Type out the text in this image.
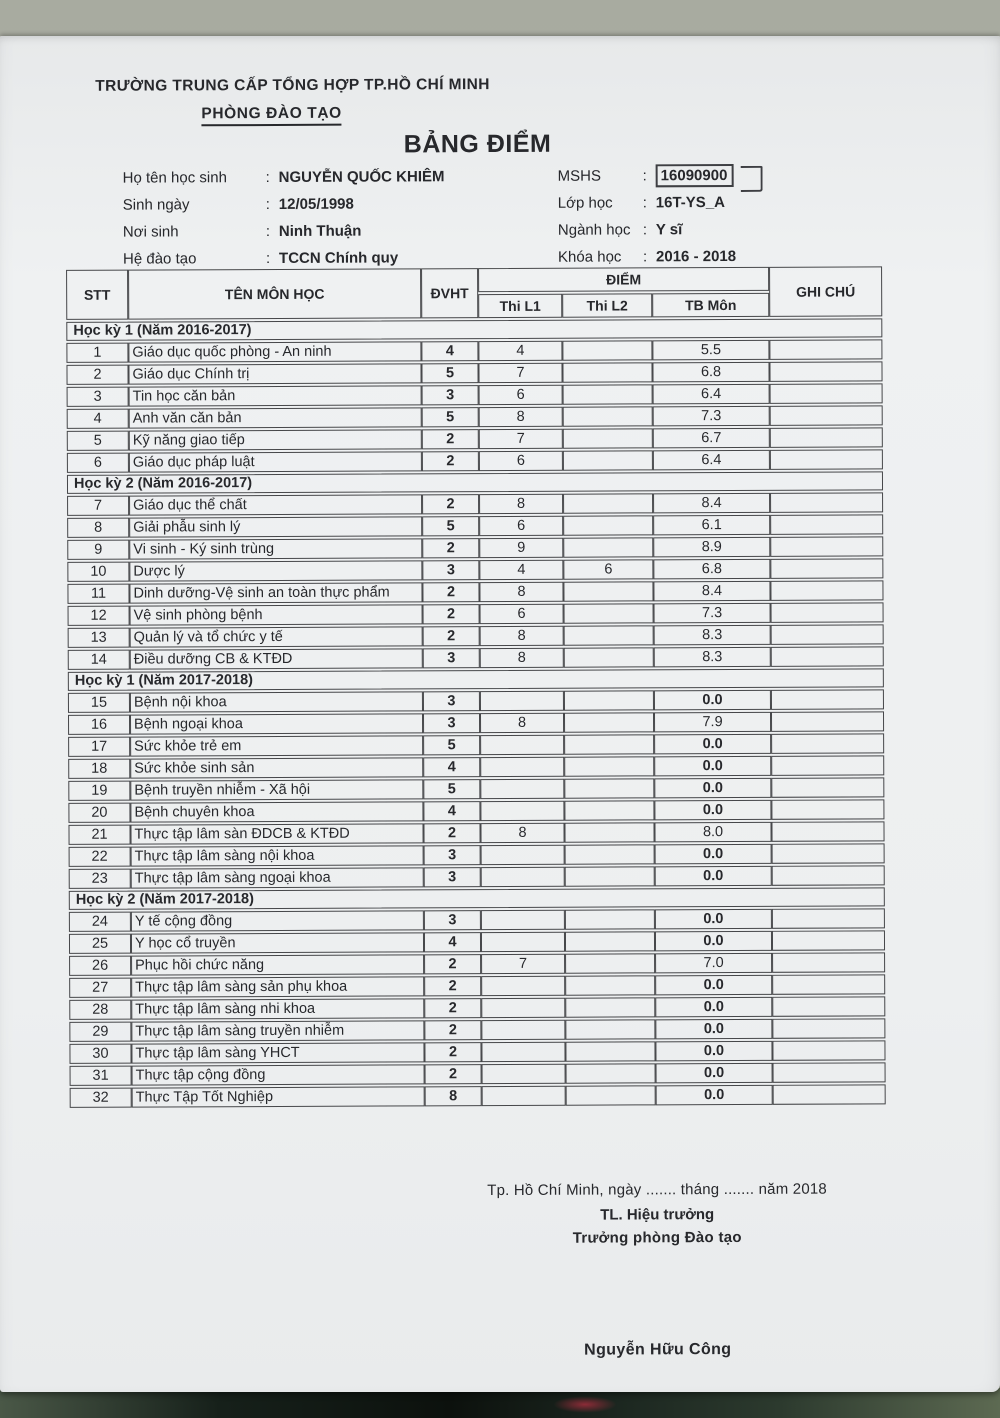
TRƯỜNG TRUNG CẤP TỔNG HỢP TP.HỒ CHÍ MINH
PHÒNG ĐÀO TẠO
BẢNG ĐIỂM
Họ tên học sinh	: NGUYỄN QUỐC KHIÊM	MSHS	: 16090900
Sinh ngày	: 12/05/1998	Lớp học	: 16T-YS_A
Nơi sinh	: Ninh Thuận	Ngành học : Y sĩ
Hệ đào tạo	: TCCN Chính quy	Khóa học	: 2016 - 2018
STT	TÊN MÔN HỌC	ĐVHT	ĐIỂM			GHI CHÚ
			Thi L1	Thi L2	TB Môn	
Học kỳ 1 (Năm 2016-2017)						
1	Giáo dục quốc phòng - An ninh	4	4		5.5	
2	Giáo dục Chính trị	5	7		6.8	
3	Tin học căn bản	3	6		6.4	
4	Anh văn căn bản	5	8		7.3	
5	Kỹ năng giao tiếp	2	7		6.7	
6	Giáo dục pháp luật	2	6		6.4	
Học kỳ 2 (Năm 2016-2017)						
7	Giáo dục thể chất	2	8		8.4	
8	Giải phẫu sinh lý	5	6		6.1	
9	Vi sinh - Ký sinh trùng	2	9		8.9	
10	Dược lý	3	4	6	6.8	
11	Dinh dưỡng-Vệ sinh an toàn thực phẩm	2	8		8.4	
12	Vệ sinh phòng bệnh	2	6		7.3	
13	Quản lý và tổ chức y tế	2	8		8.3	
14	Điều dưỡng CB & KTĐD	3	8		8.3	
Học kỳ 1 (Năm 2017-2018)						
15	Bệnh nội khoa	3			0.0	
16	Bệnh ngoại khoa	3	8		7.9	
17	Sức khỏe trẻ em	5			0.0	
18	Sức khỏe sinh sản	4			0.0	
19	Bệnh truyền nhiễm - Xã hội	5			0.0	
20	Bệnh chuyên khoa	4			0.0	
21	Thực tập lâm sàn ĐDCB & KTĐD	2	8		8.0	
22	Thực tập lâm sàng nội khoa	3			0.0	
23	Thực tập lâm sàng ngoại khoa	3			0.0	
Học kỳ 2 (Năm 2017-2018)						
24	Y tế cộng đồng	3			0.0	
25	Y học cổ truyền	4			0.0	
26	Phục hồi chức năng	2	7		7.0	
27	Thực tập lâm sàng sản phụ khoa	2			0.0	
28	Thực tập lâm sàng nhi khoa	2			0.0	
29	Thực tập lâm sàng truyền nhiễm	2			0.0	
30	Thực tập lâm sàng YHCT	2			0.0	
31	Thực tập cộng đồng	2			0.0	
32	Thực Tập Tốt Nghiệp	8			0.0	
Tp. Hồ Chí Minh, ngày ....... tháng ....... năm 2018
TL. Hiệu trưởng
Trưởng phòng Đào tạo
Nguyễn Hữu Công
